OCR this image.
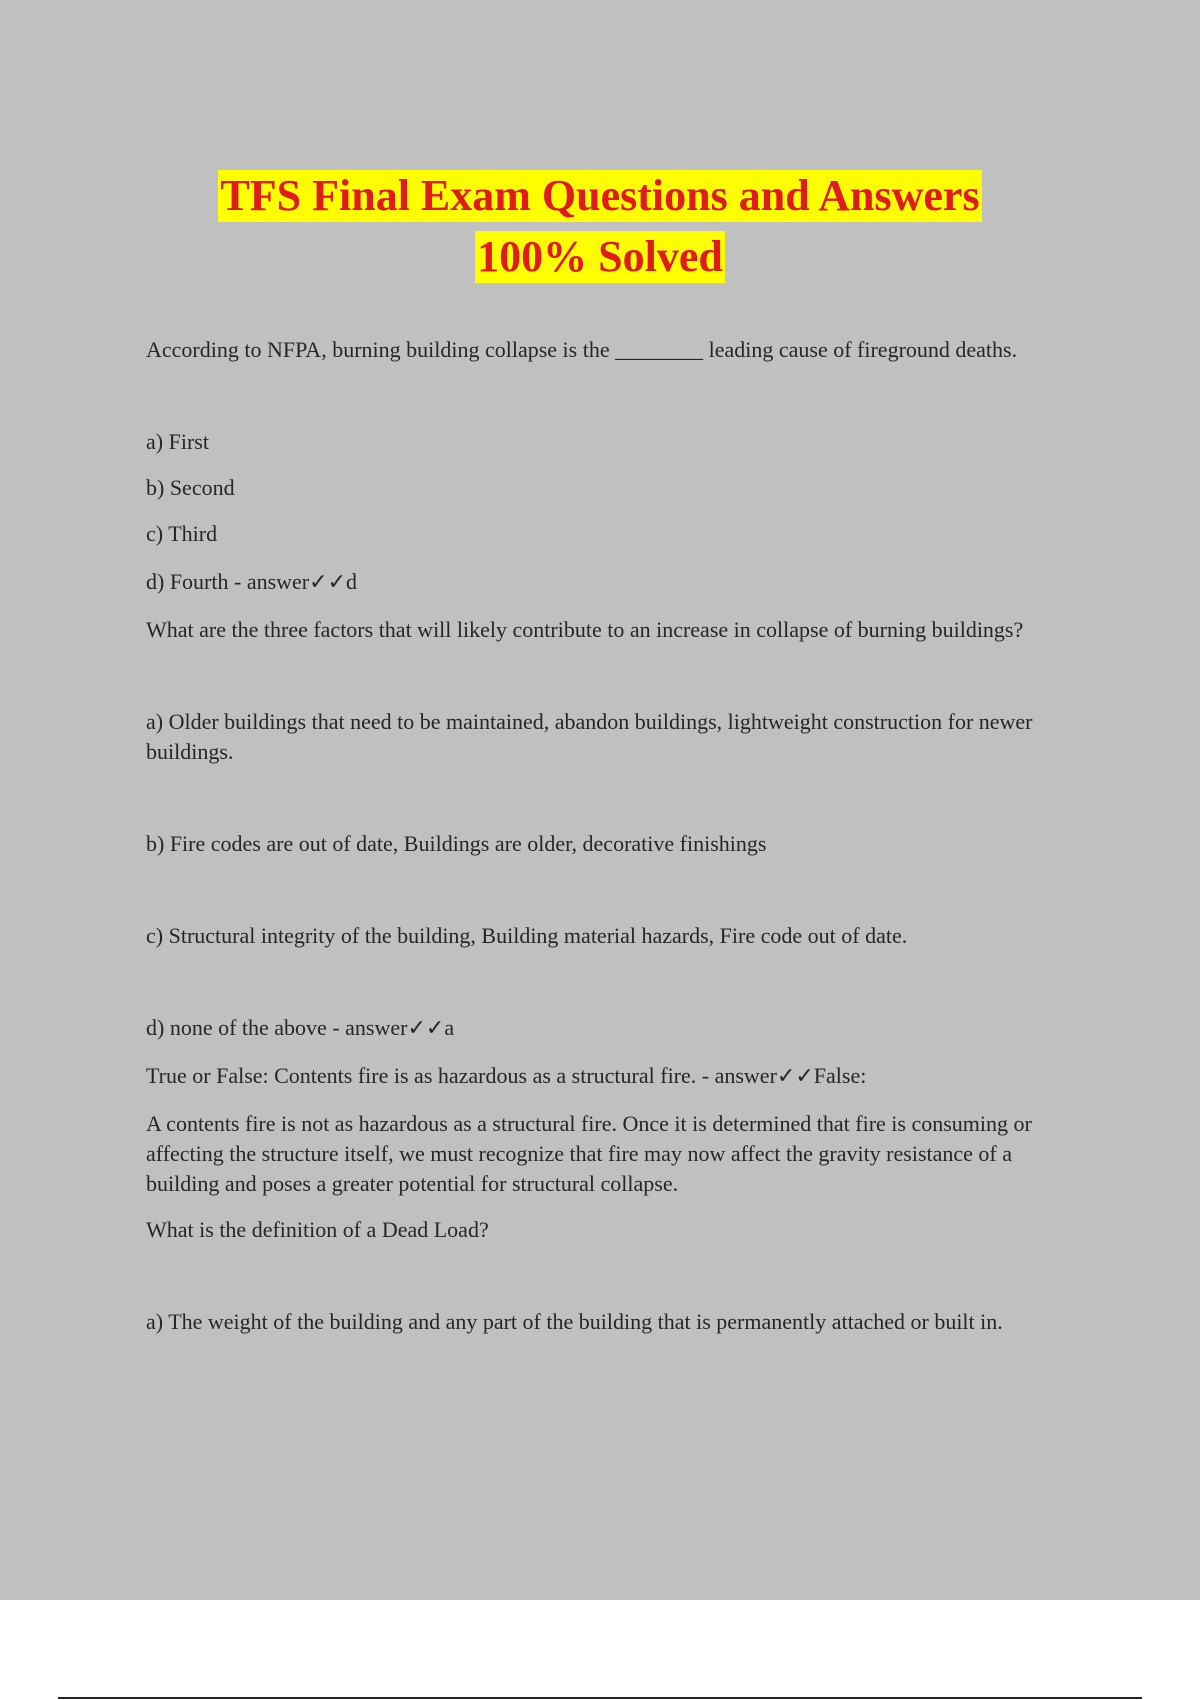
TFS Final Exam Questions and Answers
100% Solved

According to NFPA, burning building collapse is the ________ leading cause of fireground deaths.

a) First

b) Second

c) Third

d) Fourth - answer✓✓d

What are the three factors that will likely contribute to an increase in collapse of burning buildings?

a) Older buildings that need to be maintained, abandon buildings, lightweight construction for newer buildings.

b) Fire codes are out of date, Buildings are older, decorative finishings

c) Structural integrity of the building, Building material hazards, Fire code out of date.

d) none of the above - answer✓✓a

True or False: Contents fire is as hazardous as a structural fire. - answer✓✓False:

A contents fire is not as hazardous as a structural fire. Once it is determined that fire is consuming or affecting the structure itself, we must recognize that fire may now affect the gravity resistance of a building and poses a greater potential for structural collapse.

What is the definition of a Dead Load?

a) The weight of the building and any part of the building that is permanently attached or built in.
